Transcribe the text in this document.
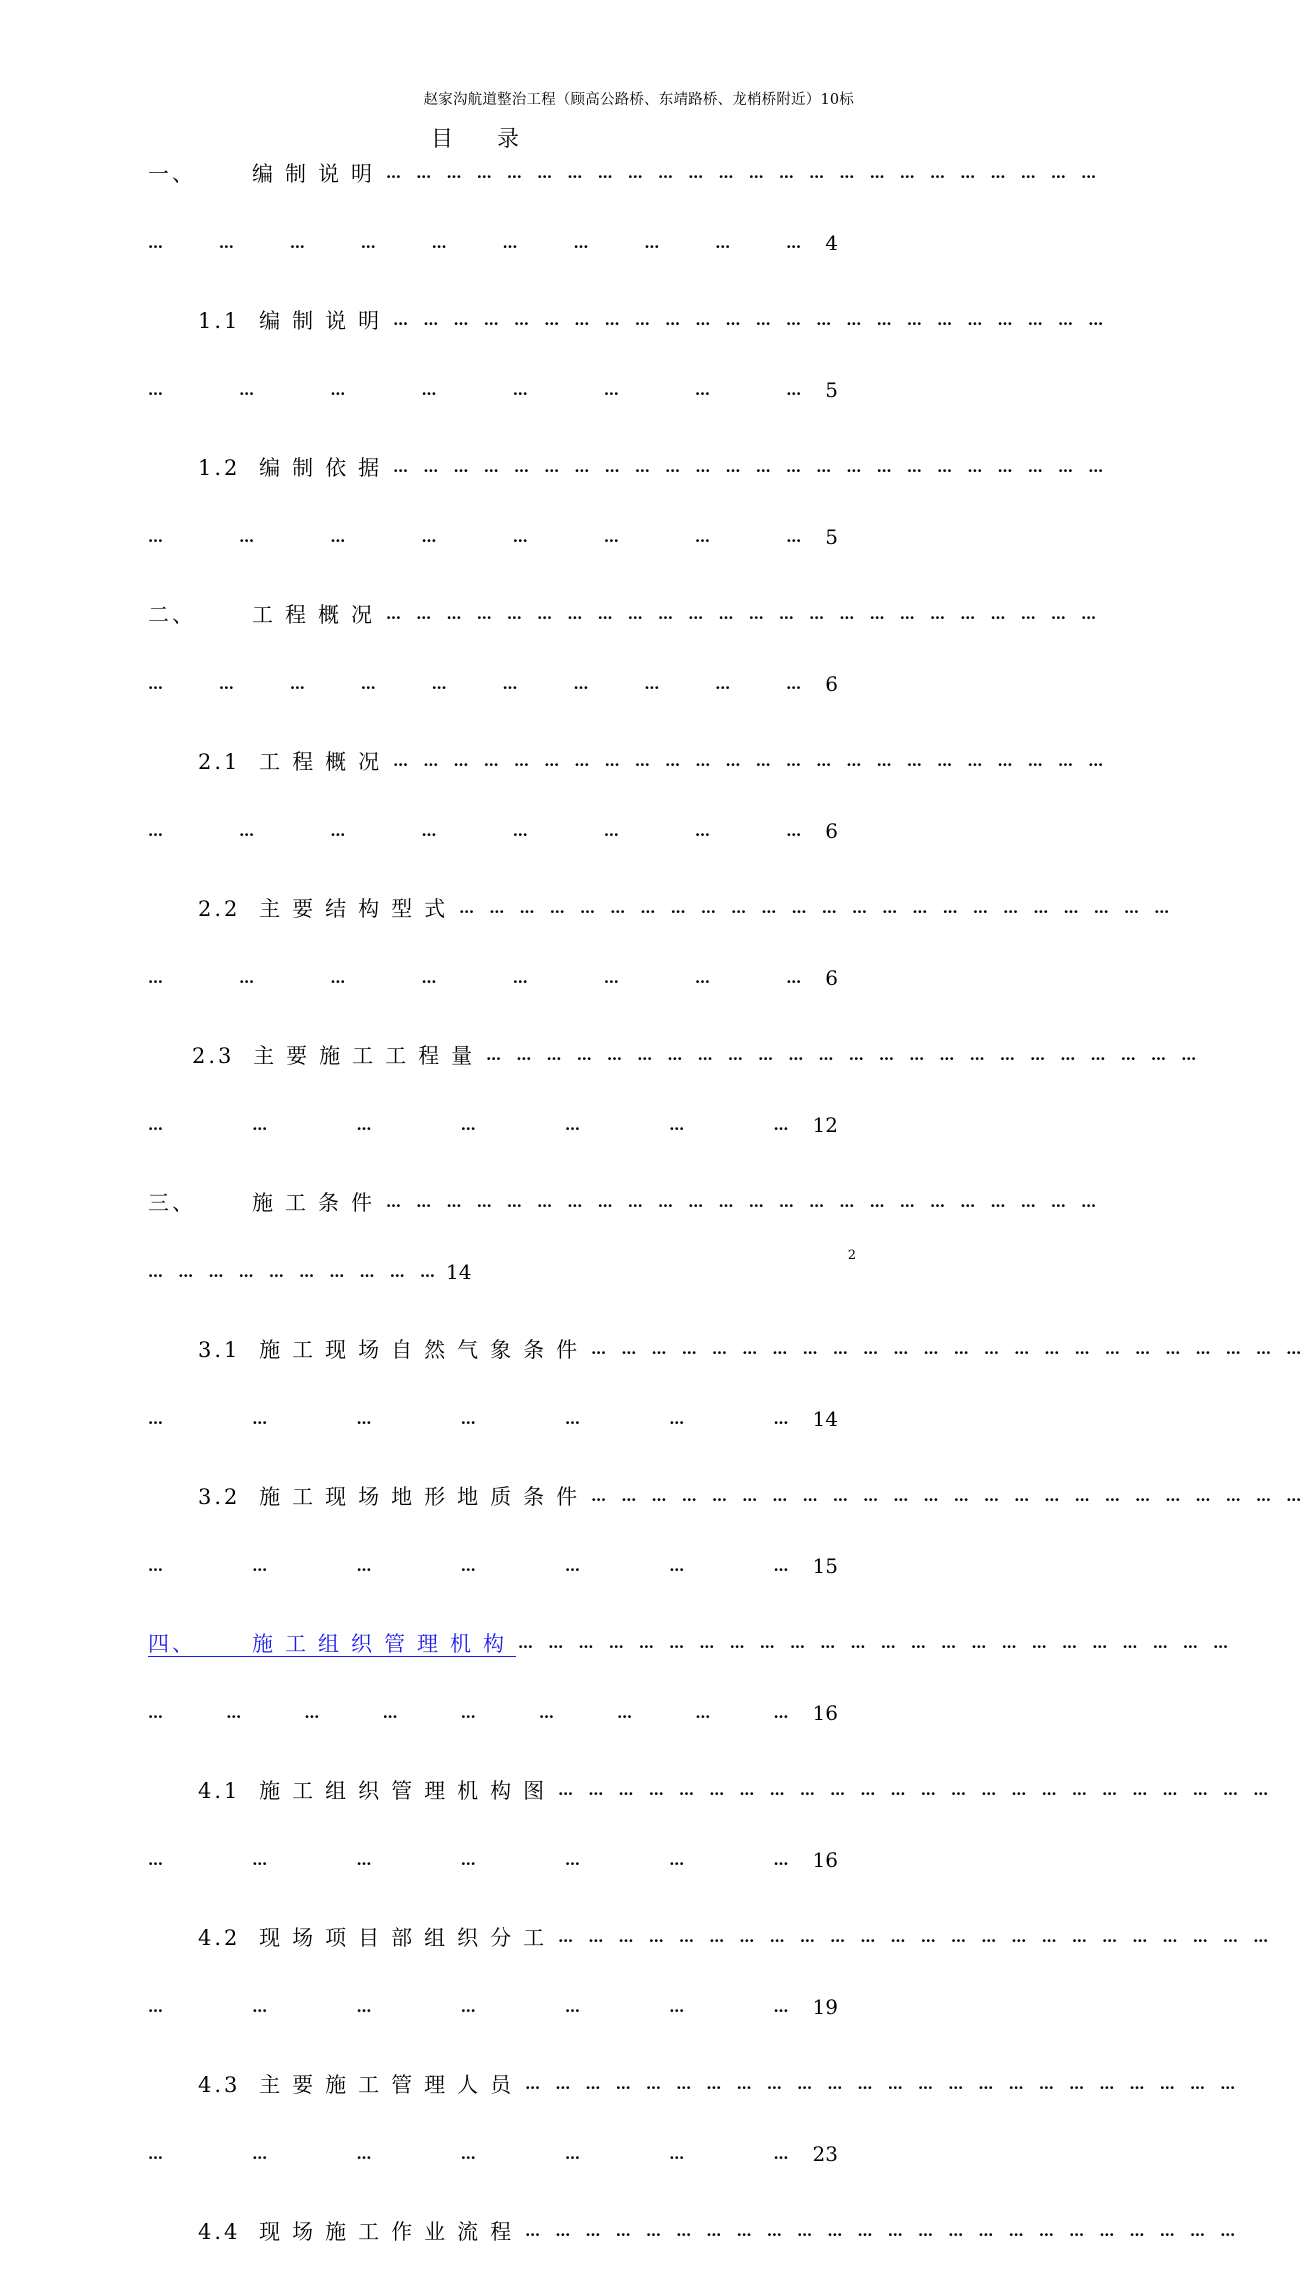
赵家沟航道整治工程（顾高公路桥、东靖路桥、龙梢桥附近）10标
目录
一、	编制说明 … … … … … … … … … … … … … … … … … … … … … … … …
…	…	…	…	…	…	…	…	…	… 4
1.1 编制说明 … … … … … … … … … … … … … … … … … … … … … … … …
…	…	…	…	…	…	…	… 5
1.2 编制依据 … … … … … … … … … … … … … … … … … … … … … … … …
…	…	…	…	…	…	…	… 5
二、	工程概况 … … … … … … … … … … … … … … … … … … … … … … … …
…	…	…	…	…	…	…	…	…	… 6
2.1 工程概况 … … … … … … … … … … … … … … … … … … … … … … … …
…	…	…	…	…	…	…	… 6
2.2 主要结构型式 … … … … … … … … … … … … … … … … … … … … … … … …
…	…	…	…	…	…	…	… 6
2.3 主要施工工程量 … … … … … … … … … … … … … … … … … … … … … … … …
…	…	…	…	…	…	… 12
三、	施工条件 … … … … … … … … … … … … … … … … … … … … … … … …
… … … … … … … … … … 14
3.1 施工现场自然气象条件 … … … … … … … … … … … … … … … … … … … … … … … …
…	…	…	…	…	…	… 14
3.2 施工现场地形地质条件 … … … … … … … … … … … … … … … … … … … … … … … …
…	…	…	…	…	…	… 15
四、	施工组织管理机构 … … … … … … … … … … … … … … … … … … … … … … … …
…	…	…	…	…	…	…	…	… 16
4.1 施工组织管理机构图 … … … … … … … … … … … … … … … … … … … … … … … …
…	…	…	…	…	…	… 16
4.2 现场项目部组织分工 … … … … … … … … … … … … … … … … … … … … … … … …
…	…	…	…	…	…	… 19
4.3 主要施工管理人员 … … … … … … … … … … … … … … … … … … … … … … … …
…	…	…	…	…	…	… 23
4.4 现场施工作业流程 … … … … … … … … … … … … … … … … … … … … … … … …
2
